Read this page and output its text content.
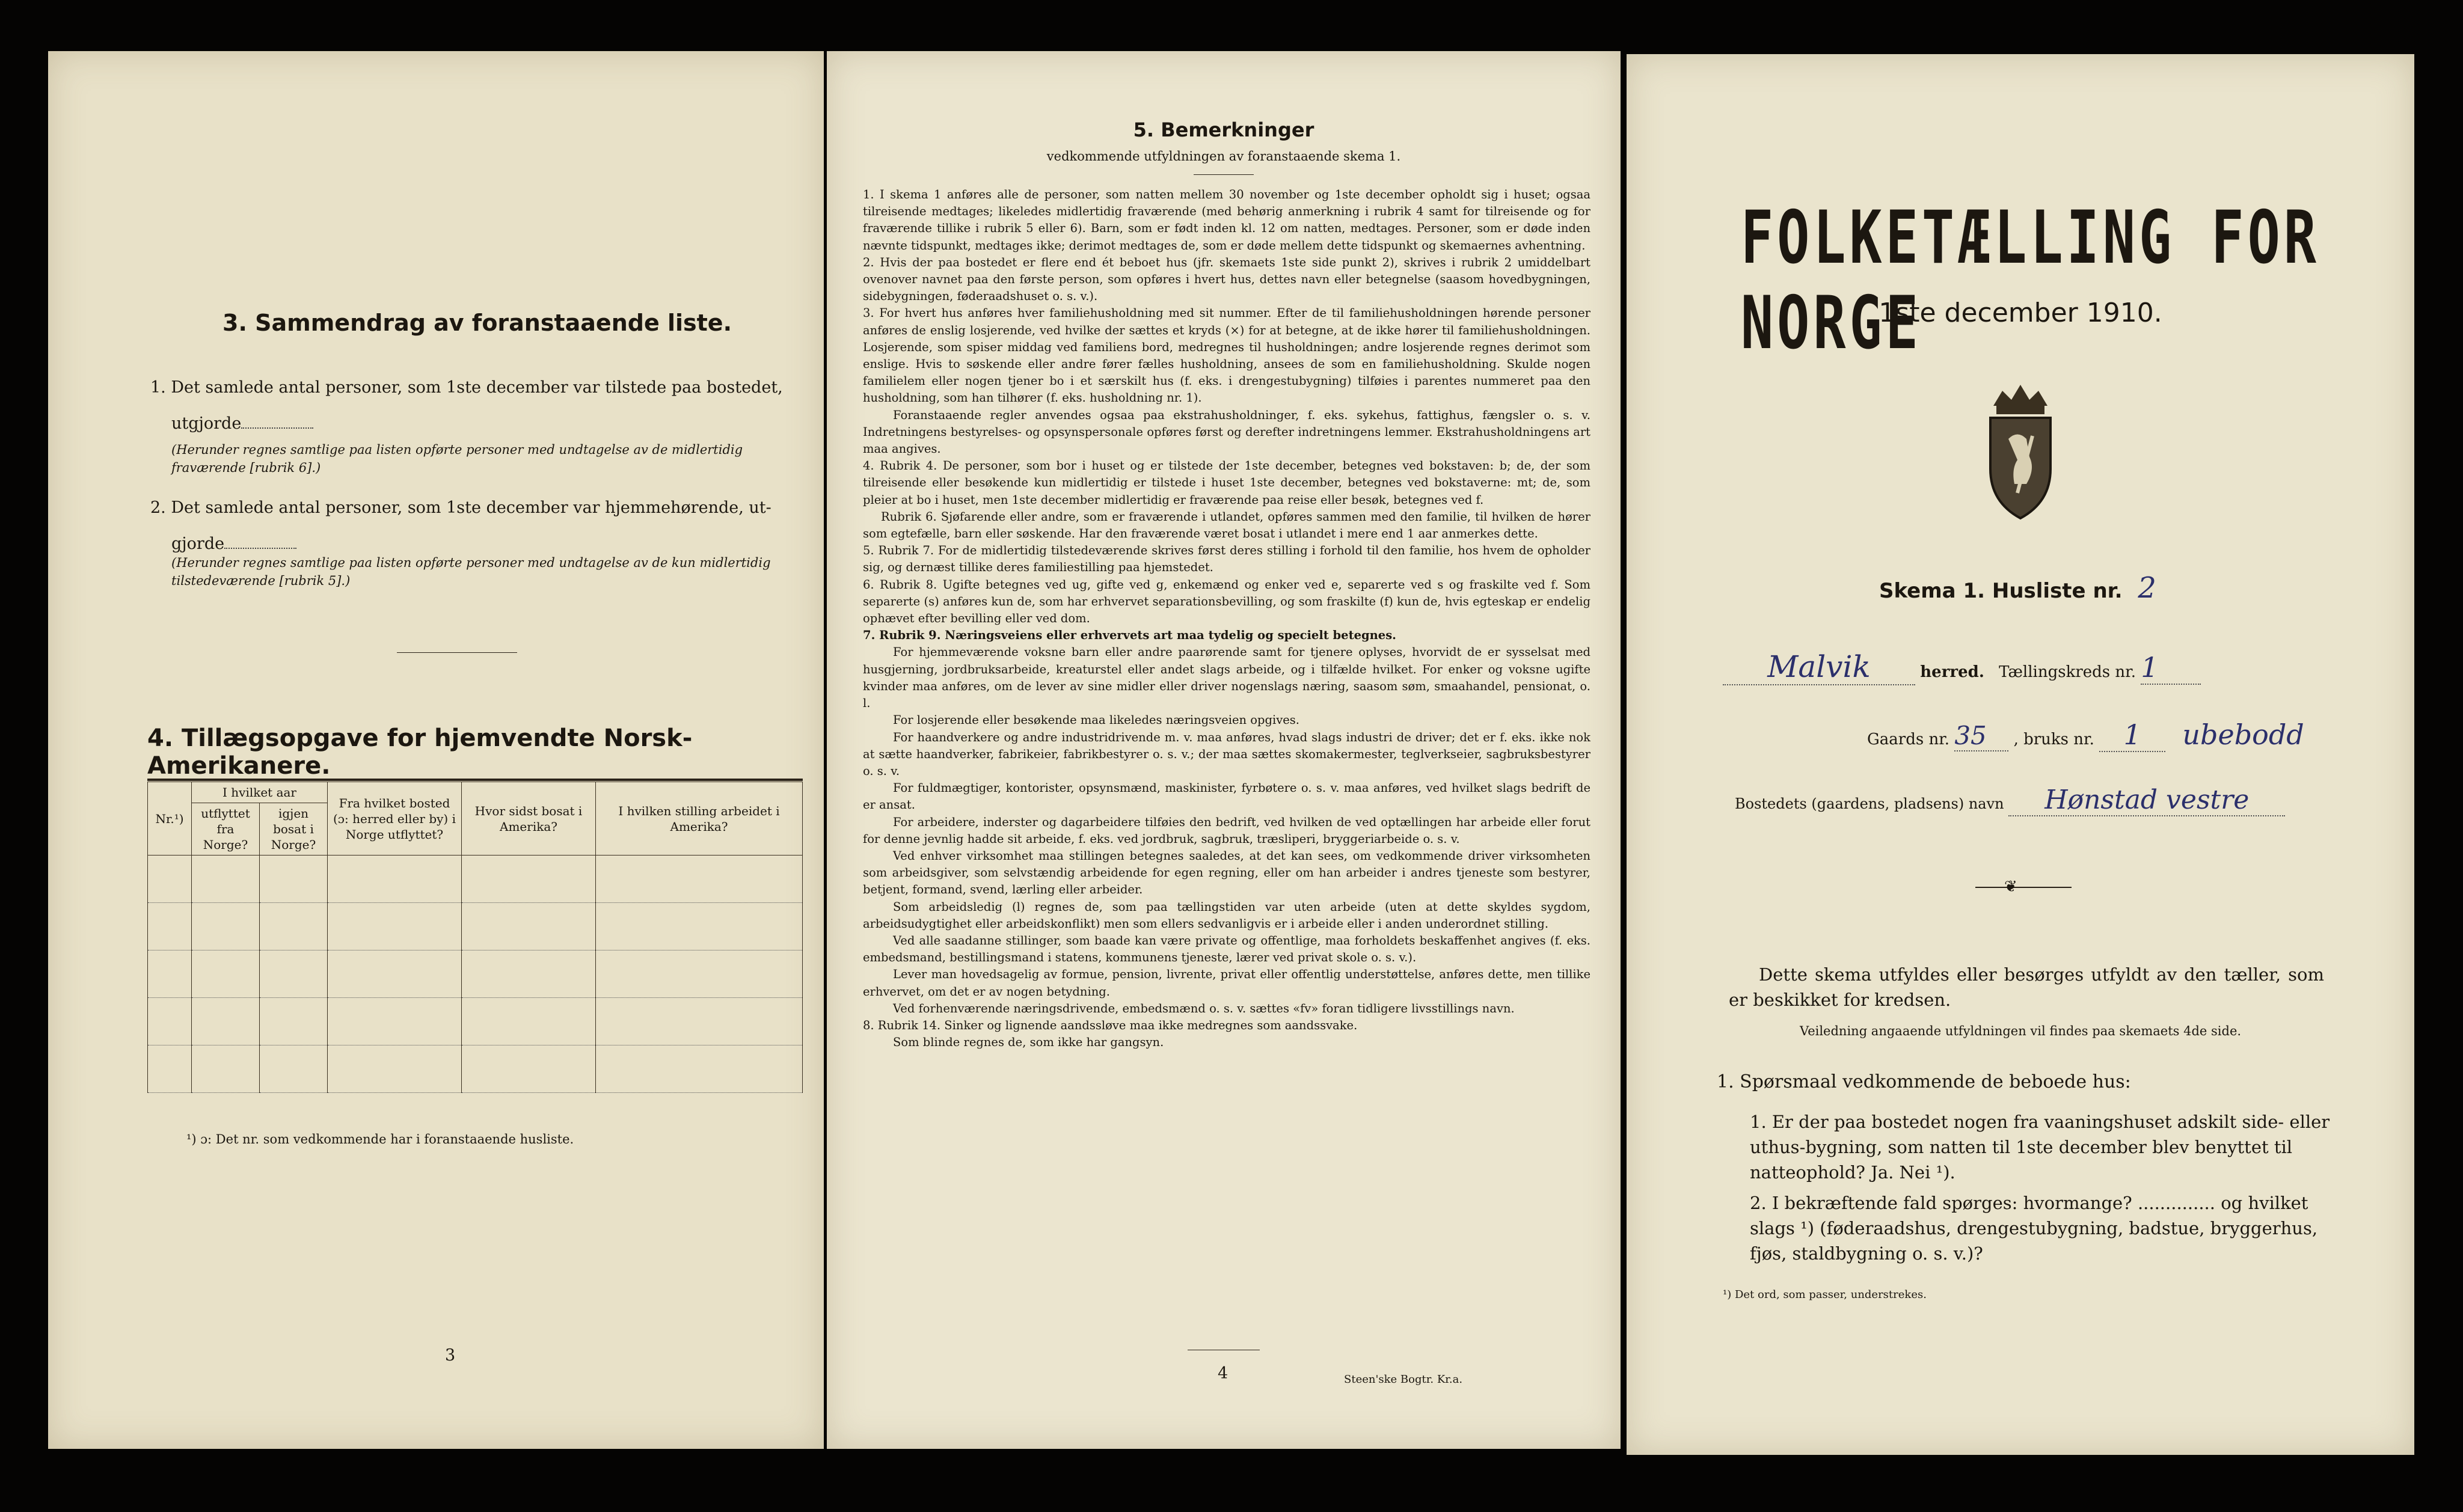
3. Sammendrag av foranstaaende liste.
1. Det samlede antal personer, som 1ste december var tilstede paa bostedet,
utgjorde
(Herunder regnes samtlige paa listen opførte personer med undtagelse av de midlertidig fraværende [rubrik 6].)
2. Det samlede antal personer, som 1ste december var hjemmehørende, ut-
gjorde
(Herunder regnes samtlige paa listen opførte personer med undtagelse av de kun midlertidig tilstedeværende [rubrik 5].)
4. Tillægsopgave for hjemvendte Norsk-Amerikanere.
Nr.¹)	I hvilket aar		Fra hvilket bosted (ɔ: herred eller by) i Norge utflyttet?	Hvor sidst bosat i Amerika?	I hvilken stilling arbeidet i Amerika?
	utflyttet fra Norge?	igjen bosat i Norge?			

¹) ɔ: Det nr. som vedkommende har i foranstaaende husliste.
3
5. Bemerkninger
vedkommende utfyldningen av foranstaaende skema 1.

1. I skema 1 anføres alle de personer, som natten mellem 30 november og 1ste december opholdt sig i huset; ogsaa tilreisende medtages; likeledes midlertidig fraværende (med behørig anmerkning i rubrik 4 samt for tilreisende og for fraværende tillike i rubrik 5 eller 6). Barn, som er født inden kl. 12 om natten, medtages. Personer, som er døde inden nævnte tidspunkt, medtages ikke; derimot medtages de, som er døde mellem dette tidspunkt og skemaernes avhentning.

2. Hvis der paa bostedet er flere end ét beboet hus (jfr. skemaets 1ste side punkt 2), skrives i rubrik 2 umiddelbart ovenover navnet paa den første person, som opføres i hvert hus, dettes navn eller betegnelse (saasom hovedbygningen, sidebygningen, føderaadshuset o. s. v.).

3. For hvert hus anføres hver familiehusholdning med sit nummer. Efter de til familiehusholdningen hørende personer anføres de enslig losjerende, ved hvilke der sættes et kryds (×) for at betegne, at de ikke hører til familiehusholdningen. Losjerende, som spiser middag ved familiens bord, medregnes til husholdningen; andre losjerende regnes derimot som enslige. Hvis to søskende eller andre fører fælles husholdning, ansees de som en familiehusholdning. Skulde nogen familielem eller nogen tjener bo i et særskilt hus (f. eks. i drengestubygning) tilføies i parentes nummeret paa den husholdning, som han tilhører (f. eks. husholdning nr. 1).

Foranstaaende regler anvendes ogsaa paa ekstrahusholdninger, f. eks. sykehus, fattighus, fængsler o. s. v. Indretningens bestyrelses- og opsynspersonale opføres først og derefter indretningens lemmer. Ekstrahusholdningens art maa angives.

4. Rubrik 4. De personer, som bor i huset og er tilstede der 1ste december, betegnes ved bokstaven: b; de, der som tilreisende eller besøkende kun midlertidig er tilstede i huset 1ste december, betegnes ved bokstaverne: mt; de, som pleier at bo i huset, men 1ste december midlertidig er fraværende paa reise eller besøk, betegnes ved f.

Rubrik 6. Sjøfarende eller andre, som er fraværende i utlandet, opføres sammen med den familie, til hvilken de hører som egtefælle, barn eller søskende. Har den fraværende været bosat i utlandet i mere end 1 aar anmerkes dette.

5. Rubrik 7. For de midlertidig tilstedeværende skrives først deres stilling i forhold til den familie, hos hvem de opholder sig, og dernæst tillike deres familiestilling paa hjemstedet.

6. Rubrik 8. Ugifte betegnes ved ug, gifte ved g, enkemænd og enker ved e, separerte ved s og fraskilte ved f. Som separerte (s) anføres kun de, som har erhvervet separationsbevilling, og som fraskilte (f) kun de, hvis egteskap er endelig ophævet efter bevilling eller ved dom.

7. Rubrik 9. Næringsveiens eller erhvervets art maa tydelig og specielt betegnes.

For hjemmeværende voksne barn eller andre paarørende samt for tjenere oplyses, hvorvidt de er sysselsat med husgjerning, jordbruksarbeide, kreaturstel eller andet slags arbeide, og i tilfælde hvilket. For enker og voksne ugifte kvinder maa anføres, om de lever av sine midler eller driver nogenslags næring, saasom søm, smaahandel, pensionat, o. l.

For losjerende eller besøkende maa likeledes næringsveien opgives.

For haandverkere og andre industridrivende m. v. maa anføres, hvad slags industri de driver; det er f. eks. ikke nok at sætte haandverker, fabrikeier, fabrikbestyrer o. s. v.; der maa sættes skomakermester, teglverkseier, sagbruksbestyrer o. s. v.

For fuldmægtiger, kontorister, opsynsmænd, maskinister, fyrbøtere o. s. v. maa anføres, ved hvilket slags bedrift de er ansat.

For arbeidere, inderster og dagarbeidere tilføies den bedrift, ved hvilken de ved optællingen har arbeide eller forut for denne jevnlig hadde sit arbeide, f. eks. ved jordbruk, sagbruk, træsliperi, bryggeriarbeide o. s. v.

Ved enhver virksomhet maa stillingen betegnes saaledes, at det kan sees, om vedkommende driver virksomheten som arbeidsgiver, som selvstændig arbeidende for egen regning, eller om han arbeider i andres tjeneste som bestyrer, betjent, formand, svend, lærling eller arbeider.

Som arbeidsledig (l) regnes de, som paa tællingstiden var uten arbeide (uten at dette skyldes sygdom, arbeidsudygtighet eller arbeidskonflikt) men som ellers sedvanligvis er i arbeide eller i anden underordnet stilling.

Ved alle saadanne stillinger, som baade kan være private og offentlige, maa forholdets beskaffenhet angives (f. eks. embedsmand, bestillingsmand i statens, kommunens tjeneste, lærer ved privat skole o. s. v.).

Lever man hovedsagelig av formue, pension, livrente, privat eller offentlig understøttelse, anføres dette, men tillike erhvervet, om det er av nogen betydning.

Ved forhenværende næringsdrivende, embedsmænd o. s. v. sættes «fv» foran tidligere livsstillings navn.

8. Rubrik 14. Sinker og lignende aandssløve maa ikke medregnes som aandssvake.

Som blinde regnes de, som ikke har gangsyn.

4	Steen'ske Bogtr. Kr.a.
FOLKETÆLLING FOR NORGE
1ste december 1910.
Skema 1. Husliste nr. 2
Malvik	herred. Tællingskreds nr. 1
Gaards nr. 35 , bruks nr. 1 ubebodd
Bostedets (gaardens, pladsens) navn Hønstad vestre
❦
Dette skema utfyldes eller besørges utfyldt av den tæller, som er beskikket for kredsen.
Veiledning angaaende utfyldningen vil findes paa skemaets 4de side.
1. Spørsmaal vedkommende de beboede hus:
1. Er der paa bostedet nogen fra vaaningshuset adskilt side- eller uthus-bygning, som natten til 1ste december blev benyttet til natteophold? Ja. Nei ¹).
2. I bekræftende fald spørges: hvormange? .............. og hvilket slags ¹) (føderaadshus, drengestubygning, badstue, bryggerhus, fjøs, staldbygning o. s. v.)?
¹) Det ord, som passer, understrekes.
